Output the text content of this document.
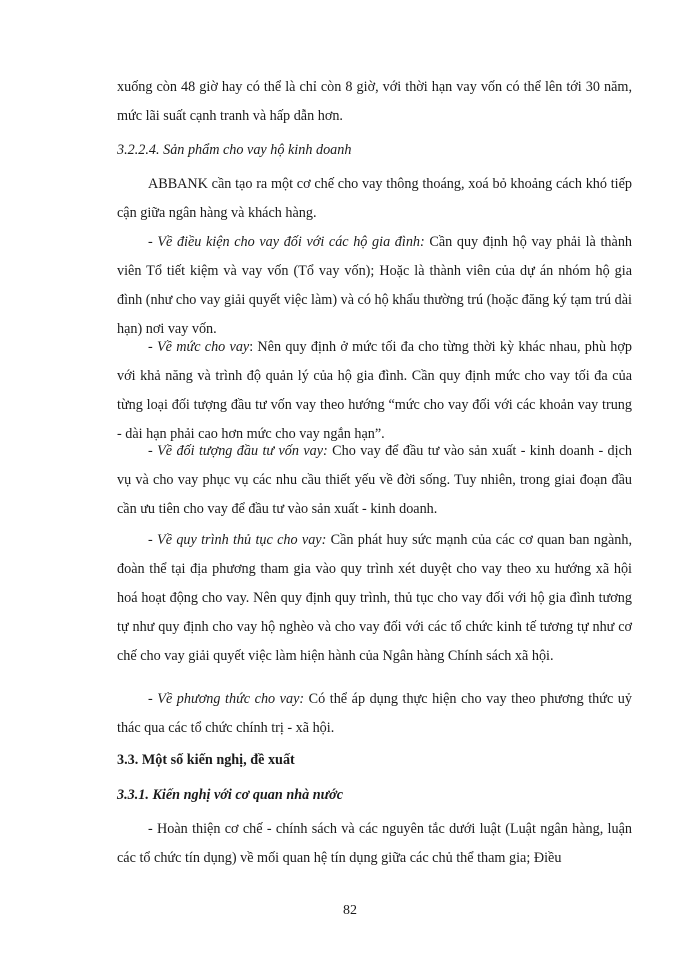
xuống còn 48 giờ hay có thể là chỉ còn 8 giờ, với thời hạn vay vốn có thể lên tới 30 năm, mức lãi suất cạnh tranh và hấp dẫn hơn.

3.2.2.4. Sản phẩm cho vay hộ kinh doanh

ABBANK cần tạo ra một cơ chế cho vay thông thoáng, xoá bỏ khoảng cách khó tiếp cận giữa ngân hàng và khách hàng.

- Về điều kiện cho vay đối với các hộ gia đình: Cần quy định hộ vay phải là thành viên Tổ tiết kiệm và vay vốn (Tổ vay vốn); Hoặc là thành viên của dự án nhóm hộ gia đình (như cho vay giải quyết việc làm) và có hộ khẩu thường trú (hoặc đăng ký tạm trú dài hạn) nơi vay vốn.

- Về mức cho vay: Nên quy định ở mức tối đa cho từng thời kỳ khác nhau, phù hợp với khả năng và trình độ quản lý của hộ gia đình. Cần quy định mức cho vay tối đa của từng loại đối tượng đầu tư vốn vay theo hướng “mức cho vay đối với các khoản vay trung - dài hạn phải cao hơn mức cho vay ngắn hạn”.

- Về đối tượng đầu tư vốn vay: Cho vay để đầu tư vào sản xuất - kinh doanh - dịch vụ và cho vay phục vụ các nhu cầu thiết yếu về đời sống. Tuy nhiên, trong giai đoạn đầu cần ưu tiên cho vay để đầu tư vào sản xuất - kinh doanh.

- Về quy trình thủ tục cho vay: Cần phát huy sức mạnh của các cơ quan ban ngành, đoàn thể tại địa phương tham gia vào quy trình xét duyệt cho vay theo xu hướng xã hội hoá hoạt động cho vay. Nên quy định quy trình, thủ tục cho vay đối với hộ gia đình tương tự như quy định cho vay hộ nghèo và cho vay đối với các tổ chức kinh tế tương tự như cơ chế cho vay giải quyết việc làm hiện hành của Ngân hàng Chính sách xã hội.

- Về phương thức cho vay: Có thể áp dụng thực hiện cho vay theo phương thức uỷ thác qua các tổ chức chính trị - xã hội.

3.3. Một số kiến nghị, đề xuất

3.3.1. Kiến nghị với cơ quan nhà nước

- Hoàn thiện cơ chế - chính sách và các nguyên tắc dưới luật (Luật ngân hàng, luận các tổ chức tín dụng) về mối quan hệ tín dụng giữa các chủ thể tham gia; Điều

82
